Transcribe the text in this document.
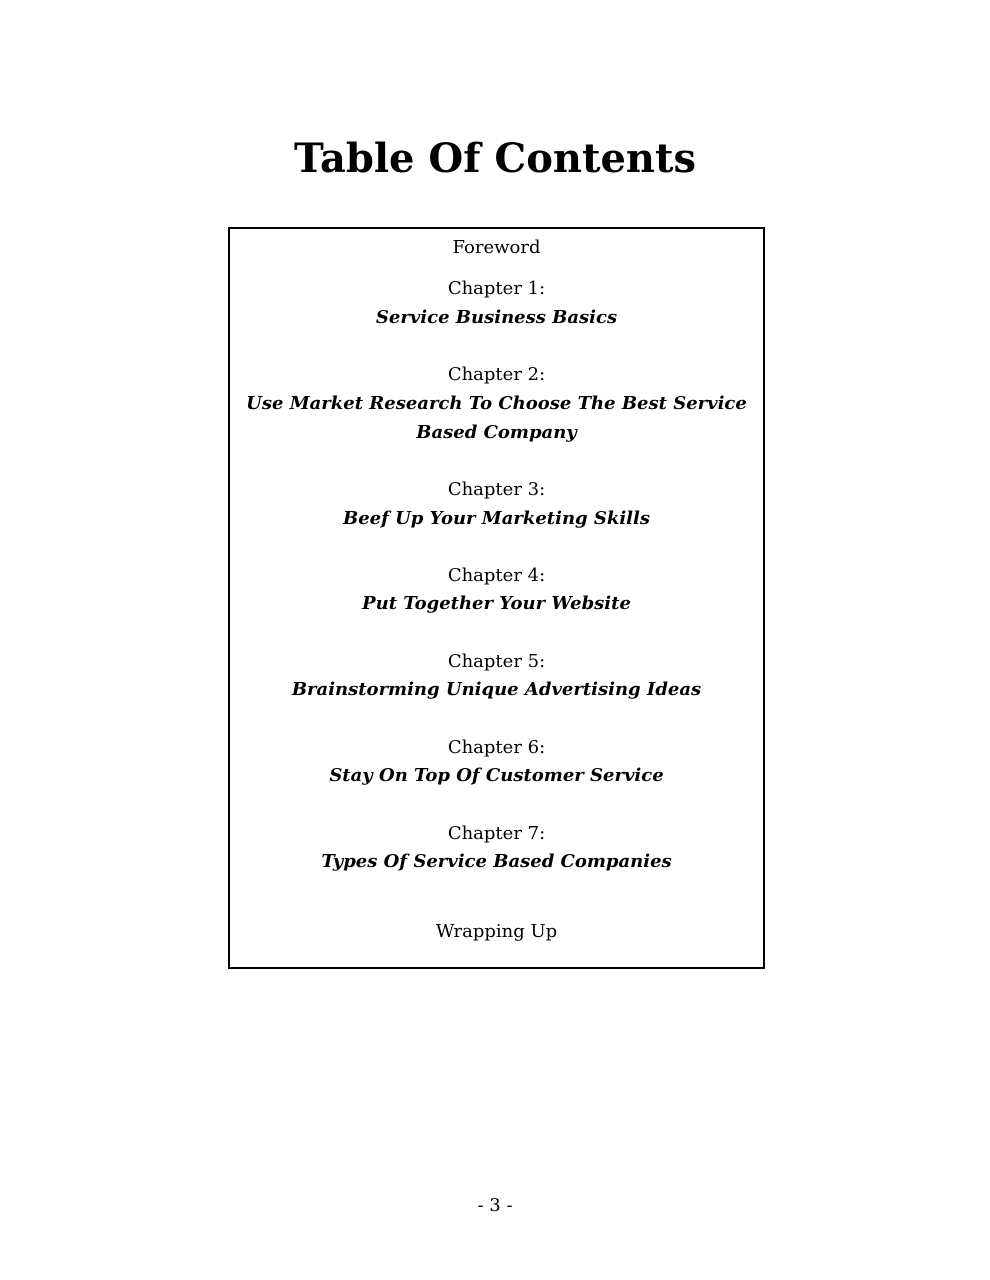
Table Of Contents
Foreword
Chapter 1:
Service Business Basics
Chapter 2:
Use Market Research To Choose The Best Service Based Company
Chapter 3:
Beef Up Your Marketing Skills
Chapter 4:
Put Together Your Website
Chapter 5:
Brainstorming Unique Advertising Ideas
Chapter 6:
Stay On Top Of Customer Service
Chapter 7:
Types Of Service Based Companies
Wrapping Up
- 3 -
